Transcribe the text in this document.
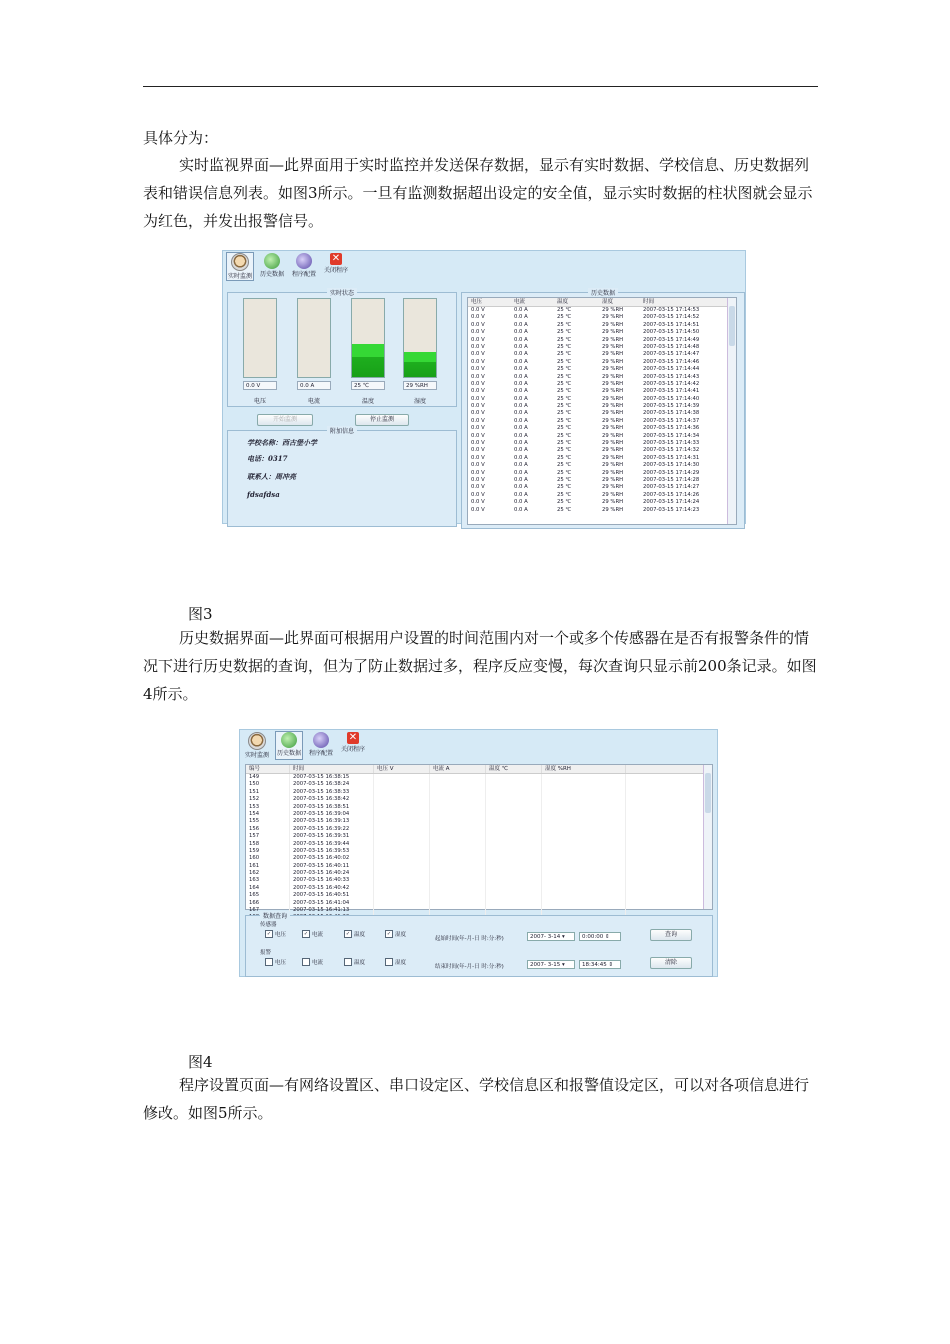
具体分为：
实时监视界面—此界面用于实时监控并发送保存数据，显示有实时数据、学校信息、历史数据列表和错误信息列表。如图3所示。一旦有监测数据超出设定的安全值，显示实时数据的柱状图就会显示为红色，并发出报警信号。
实时监测 历史数据 程序配置
✕
关闭程序
实时状态
开始监测	停止监测
附加信息
学校名称：西古堡小学
电话：0317
联系人：周冲亮
fdsafdsa
历史数据
电压	电流	温度	湿度	时间
0.0 V	0.0 A	25 ℃	29 %RH	2007-03-15 17:14:53
0.0 V	0.0 A	25 ℃	29 %RH	2007-03-15 17:14:52
0.0 V	0.0 A	25 ℃	29 %RH	2007-03-15 17:14:51
0.0 V	0.0 A	25 ℃	29 %RH	2007-03-15 17:14:50
0.0 V	0.0 A	25 ℃	29 %RH	2007-03-15 17:14:49
0.0 V	0.0 A	25 ℃	29 %RH	2007-03-15 17:14:48
0.0 V	0.0 A	25 ℃	29 %RH	2007-03-15 17:14:47
0.0 V	0.0 A	25 ℃	29 %RH	2007-03-15 17:14:46
0.0 V	0.0 A	25 ℃	29 %RH	2007-03-15 17:14:44
0.0 V	0.0 A	25 ℃	29 %RH	2007-03-15 17:14:43
0.0 V	0.0 A	25 ℃	29 %RH	2007-03-15 17:14:42
0.0 V	0.0 A	25 ℃	29 %RH	2007-03-15 17:14:41
0.0 V	0.0 A	25 ℃	29 %RH	2007-03-15 17:14:40
0.0 V	0.0 A	25 ℃	29 %RH	2007-03-15 17:14:39
0.0 V	0.0 A	25 ℃	29 %RH	2007-03-15 17:14:38
0.0 V	0.0 A	25 ℃	29 %RH	2007-03-15 17:14:37
0.0 V	0.0 A	25 ℃	29 %RH	2007-03-15 17:14:36
0.0 V	0.0 A	25 ℃	29 %RH	2007-03-15 17:14:34
0.0 V	0.0 A	25 ℃	29 %RH	2007-03-15 17:14:33
0.0 V	0.0 A	25 ℃	29 %RH	2007-03-15 17:14:32
0.0 V	0.0 A	25 ℃	29 %RH	2007-03-15 17:14:31
0.0 V	0.0 A	25 ℃	29 %RH	2007-03-15 17:14:30
0.0 V	0.0 A	25 ℃	29 %RH	2007-03-15 17:14:29
0.0 V	0.0 A	25 ℃	29 %RH	2007-03-15 17:14:28
0.0 V	0.0 A	25 ℃	29 %RH	2007-03-15 17:14:27
0.0 V	0.0 A	25 ℃	29 %RH	2007-03-15 17:14:26
0.0 V	0.0 A	25 ℃	29 %RH	2007-03-15 17:14:24
0.0 V	0.0 A	25 ℃	29 %RH	2007-03-15 17:14:23
0.0 V
电压
0.0 A
电流
25 ℃
温度
29 %RH
湿度
图3
历史数据界面—此界面可根据用户设置的时间范围内对一个或多个传感器在是否有报警条件的情况下进行历史数据的查询，但为了防止数据过多，程序反应变慢，每次查询只显示前200条记录。如图4所示。
实时监测 历史数据 程序配置
✕
关闭程序
编号	时间	电压 V	电流 A	温度 ℃	湿度 %RH
149	2007-03-15 16:38:15
150	2007-03-15 16:38:24
151	2007-03-15 16:38:33
152	2007-03-15 16:38:42
153	2007-03-15 16:38:51
154	2007-03-15 16:39:04
155	2007-03-15 16:39:13
156	2007-03-15 16:39:22
157	2007-03-15 16:39:31
158	2007-03-15 16:39:44
159	2007-03-15 16:39:53
160	2007-03-15 16:40:02
161	2007-03-15 16:40:11
162	2007-03-15 16:40:24
163	2007-03-15 16:40:33
164	2007-03-15 16:40:42
165	2007-03-15 16:40:51
166	2007-03-15 16:41:04
167	2007-03-15 16:41:13
数据查询
传感器
报警
起始时间(年-月-日 时:分:秒)	2007- 3-14 ▾	0:00:00 ⇕
结束时间(年-月-日 时:分:秒)	2007- 3-15 ▾	18:34:45 ⇕
查询
清除
✓ 电压
电压
✓ 电流
电流
✓ 温度
温度
✓ 湿度
湿度
图4
程序设置页面—有网络设置区、串口设定区、学校信息区和报警值设定区，可以对各项信息进行修改。如图5所示。
